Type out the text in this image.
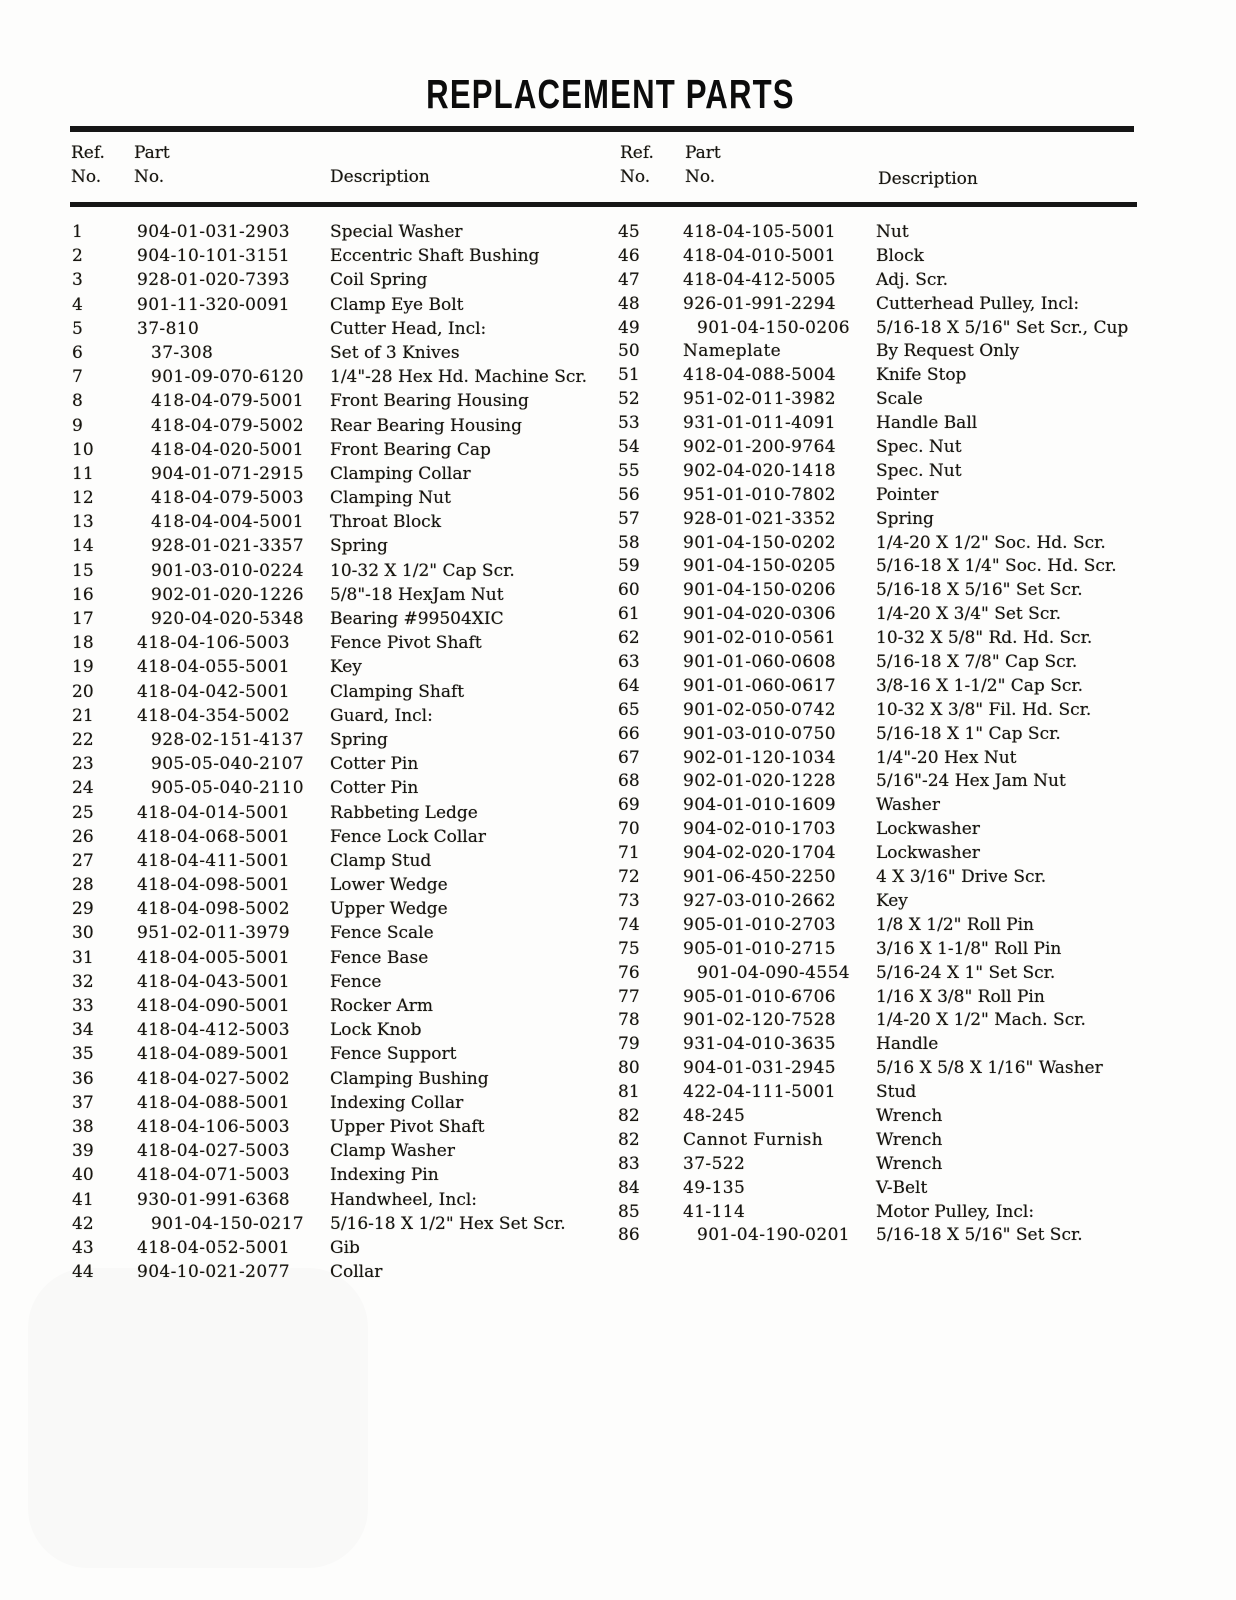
REPLACEMENT PARTS
Ref.
No.
Part
No.	Description
Ref.
No.
Part
No.	Description
1	904-01-031-2903 Special Washer
2	904-10-101-3151 Eccentric Shaft Bushing
3	928-01-020-7393 Coil Spring
4	901-11-320-0091 Clamp Eye Bolt
5	37-810	Cutter Head, Incl:
6	37-308	Set of 3 Knives
7	901-09-070-6120 1/4"-28 Hex Hd. Machine Scr.
8	418-04-079-5001 Front Bearing Housing
9	418-04-079-5002 Rear Bearing Housing
10	418-04-020-5001 Front Bearing Cap
11	904-01-071-2915 Clamping Collar
12	418-04-079-5003 Clamping Nut
13	418-04-004-5001 Throat Block
14	928-01-021-3357 Spring
15	901-03-010-0224 10-32 X 1/2" Cap Scr.
16	902-01-020-1226 5/8"-18 HexJam Nut
17	920-04-020-5348 Bearing #99504XIC
18	418-04-106-5003 Fence Pivot Shaft
19	418-04-055-5001 Key
20	418-04-042-5001 Clamping Shaft
21	418-04-354-5002 Guard, Incl:
22	928-02-151-4137 Spring
23	905-05-040-2107 Cotter Pin
24	905-05-040-2110 Cotter Pin
25	418-04-014-5001 Rabbeting Ledge
26	418-04-068-5001 Fence Lock Collar
27	418-04-411-5001 Clamp Stud
28	418-04-098-5001 Lower Wedge
29	418-04-098-5002 Upper Wedge
30	951-02-011-3979 Fence Scale
31	418-04-005-5001 Fence Base
32	418-04-043-5001 Fence
33	418-04-090-5001 Rocker Arm
34	418-04-412-5003 Lock Knob
35	418-04-089-5001 Fence Support
36	418-04-027-5002 Clamping Bushing
37	418-04-088-5001 Indexing Collar
38	418-04-106-5003 Upper Pivot Shaft
39	418-04-027-5003 Clamp Washer
40	418-04-071-5003 Indexing Pin
41	930-01-991-6368 Handwheel, Incl:
42	901-04-150-0217 5/16-18 X 1/2" Hex Set Scr.
43	418-04-052-5001 Gib
44	904-10-021-2077 Collar
45	418-04-105-5001 Nut
46	418-04-010-5001 Block
47	418-04-412-5005 Adj. Scr.
48	926-01-991-2294 Cutterhead Pulley, Incl:
49	901-04-150-0206 5/16-18 X 5/16" Set Scr., Cup
50	Nameplate	By Request Only
51	418-04-088-5004 Knife Stop
52	951-02-011-3982 Scale
53	931-01-011-4091 Handle Ball
54	902-01-200-9764 Spec. Nut
55	902-04-020-1418 Spec. Nut
56	951-01-010-7802 Pointer
57	928-01-021-3352 Spring
58	901-04-150-0202 1/4-20 X 1/2" Soc. Hd. Scr.
59	901-04-150-0205 5/16-18 X 1/4" Soc. Hd. Scr.
60	901-04-150-0206 5/16-18 X 5/16" Set Scr.
61	901-04-020-0306 1/4-20 X 3/4" Set Scr.
62	901-02-010-0561 10-32 X 5/8" Rd. Hd. Scr.
63	901-01-060-0608 5/16-18 X 7/8" Cap Scr.
64	901-01-060-0617 3/8-16 X 1-1/2" Cap Scr.
65	901-02-050-0742 10-32 X 3/8" Fil. Hd. Scr.
66	901-03-010-0750 5/16-18 X 1" Cap Scr.
67	902-01-120-1034 1/4"-20 Hex Nut
68	902-01-020-1228 5/16"-24 Hex Jam Nut
69	904-01-010-1609 Washer
70	904-02-010-1703 Lockwasher
71	904-02-020-1704 Lockwasher
72	901-06-450-2250 4 X 3/16" Drive Scr.
73	927-03-010-2662 Key
74	905-01-010-2703 1/8 X 1/2" Roll Pin
75	905-01-010-2715 3/16 X 1-1/8" Roll Pin
76	901-04-090-4554 5/16-24 X 1" Set Scr.
77	905-01-010-6706 1/16 X 3/8" Roll Pin
78	901-02-120-7528 1/4-20 X 1/2" Mach. Scr.
79	931-04-010-3635 Handle
80	904-01-031-2945 5/16 X 5/8 X 1/16" Washer
81	422-04-111-5001 Stud
82	48-245	Wrench
82	Cannot Furnish	Wrench
83	37-522	Wrench
84	49-135	V-Belt
85	41-114	Motor Pulley, Incl:
86	901-04-190-0201 5/16-18 X 5/16" Set Scr.
